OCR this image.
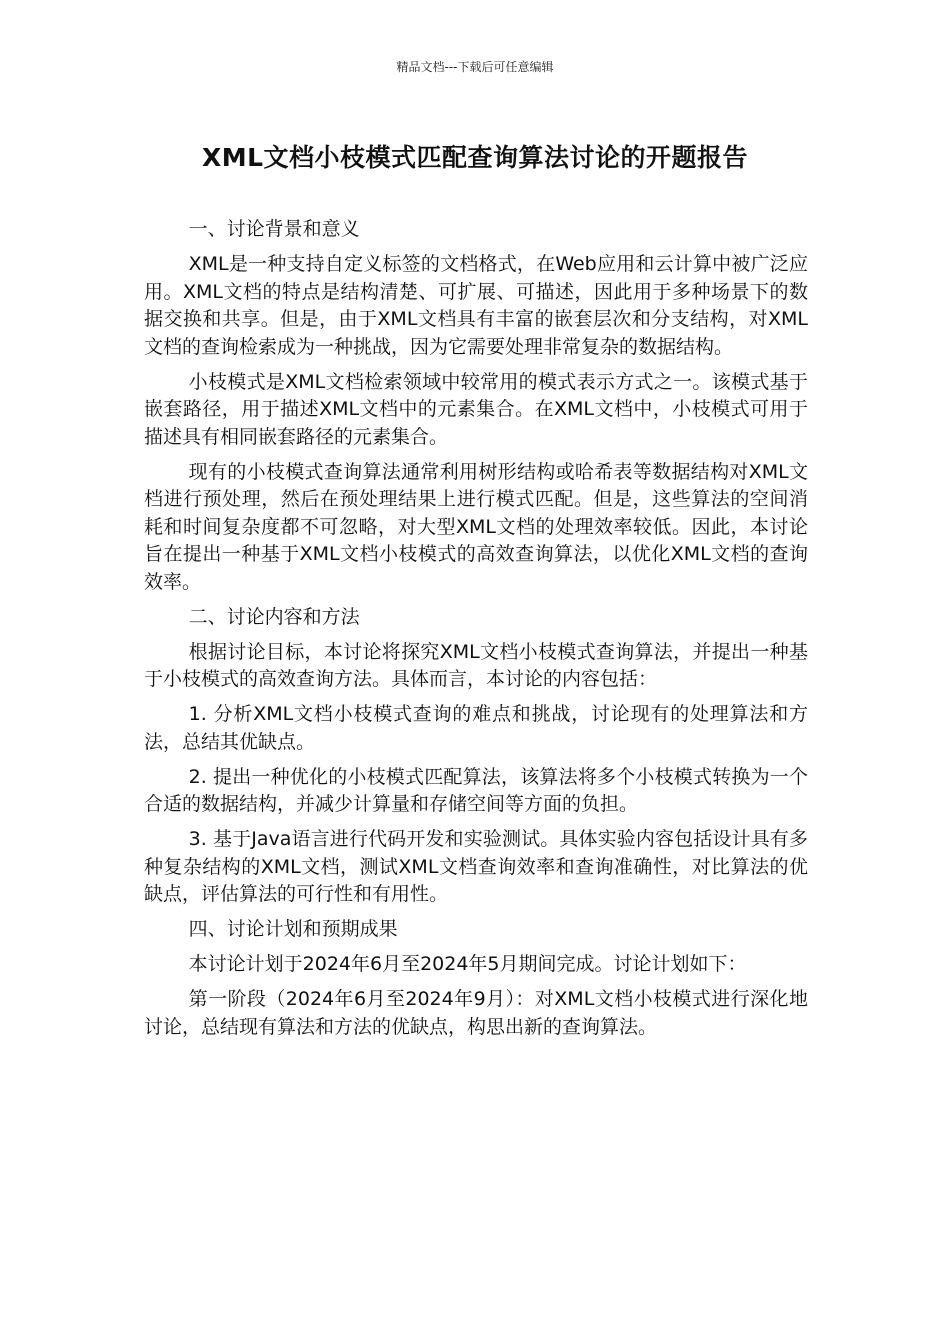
精品文档---下载后可任意编辑
XML文档小枝模式匹配查询算法讨论的开题报告

一、讨论背景和意义

XML是一种支持自定义标签的文档格式，在Web应用和云计算中被广泛应用。XML文档的特点是结构清楚、可扩展、可描述，因此用于多种场景下的数据交换和共享。但是，由于XML文档具有丰富的嵌套层次和分支结构，对XML文档的查询检索成为一种挑战，因为它需要处理非常复杂的数据结构。

小枝模式是XML文档检索领域中较常用的模式表示方式之一。该模式基于嵌套路径，用于描述XML文档中的元素集合。在XML文档中，小枝模式可用于描述具有相同嵌套路径的元素集合。

现有的小枝模式查询算法通常利用树形结构或哈希表等数据结构对XML文档进行预处理，然后在预处理结果上进行模式匹配。但是，这些算法的空间消耗和时间复杂度都不可忽略，对大型XML文档的处理效率较低。因此，本讨论旨在提出一种基于XML文档小枝模式的高效查询算法，以优化XML文档的查询效率。

二、讨论内容和方法

根据讨论目标，本讨论将探究XML文档小枝模式查询算法，并提出一种基于小枝模式的高效查询方法。具体而言，本讨论的内容包括：

1. 分析XML文档小枝模式查询的难点和挑战，讨论现有的处理算法和方法，总结其优缺点。

2. 提出一种优化的小枝模式匹配算法，该算法将多个小枝模式转换为一个合适的数据结构，并减少计算量和存储空间等方面的负担。

3. 基于Java语言进行代码开发和实验测试。具体实验内容包括设计具有多种复杂结构的XML文档，测试XML文档查询效率和查询准确性，对比算法的优缺点，评估算法的可行性和有用性。

四、讨论计划和预期成果

本讨论计划于2024年6月至2024年5月期间完成。讨论计划如下：

第一阶段（2024年6月至2024年9月）：对XML文档小枝模式进行深化地讨论，总结现有算法和方法的优缺点，构思出新的查询算法。
